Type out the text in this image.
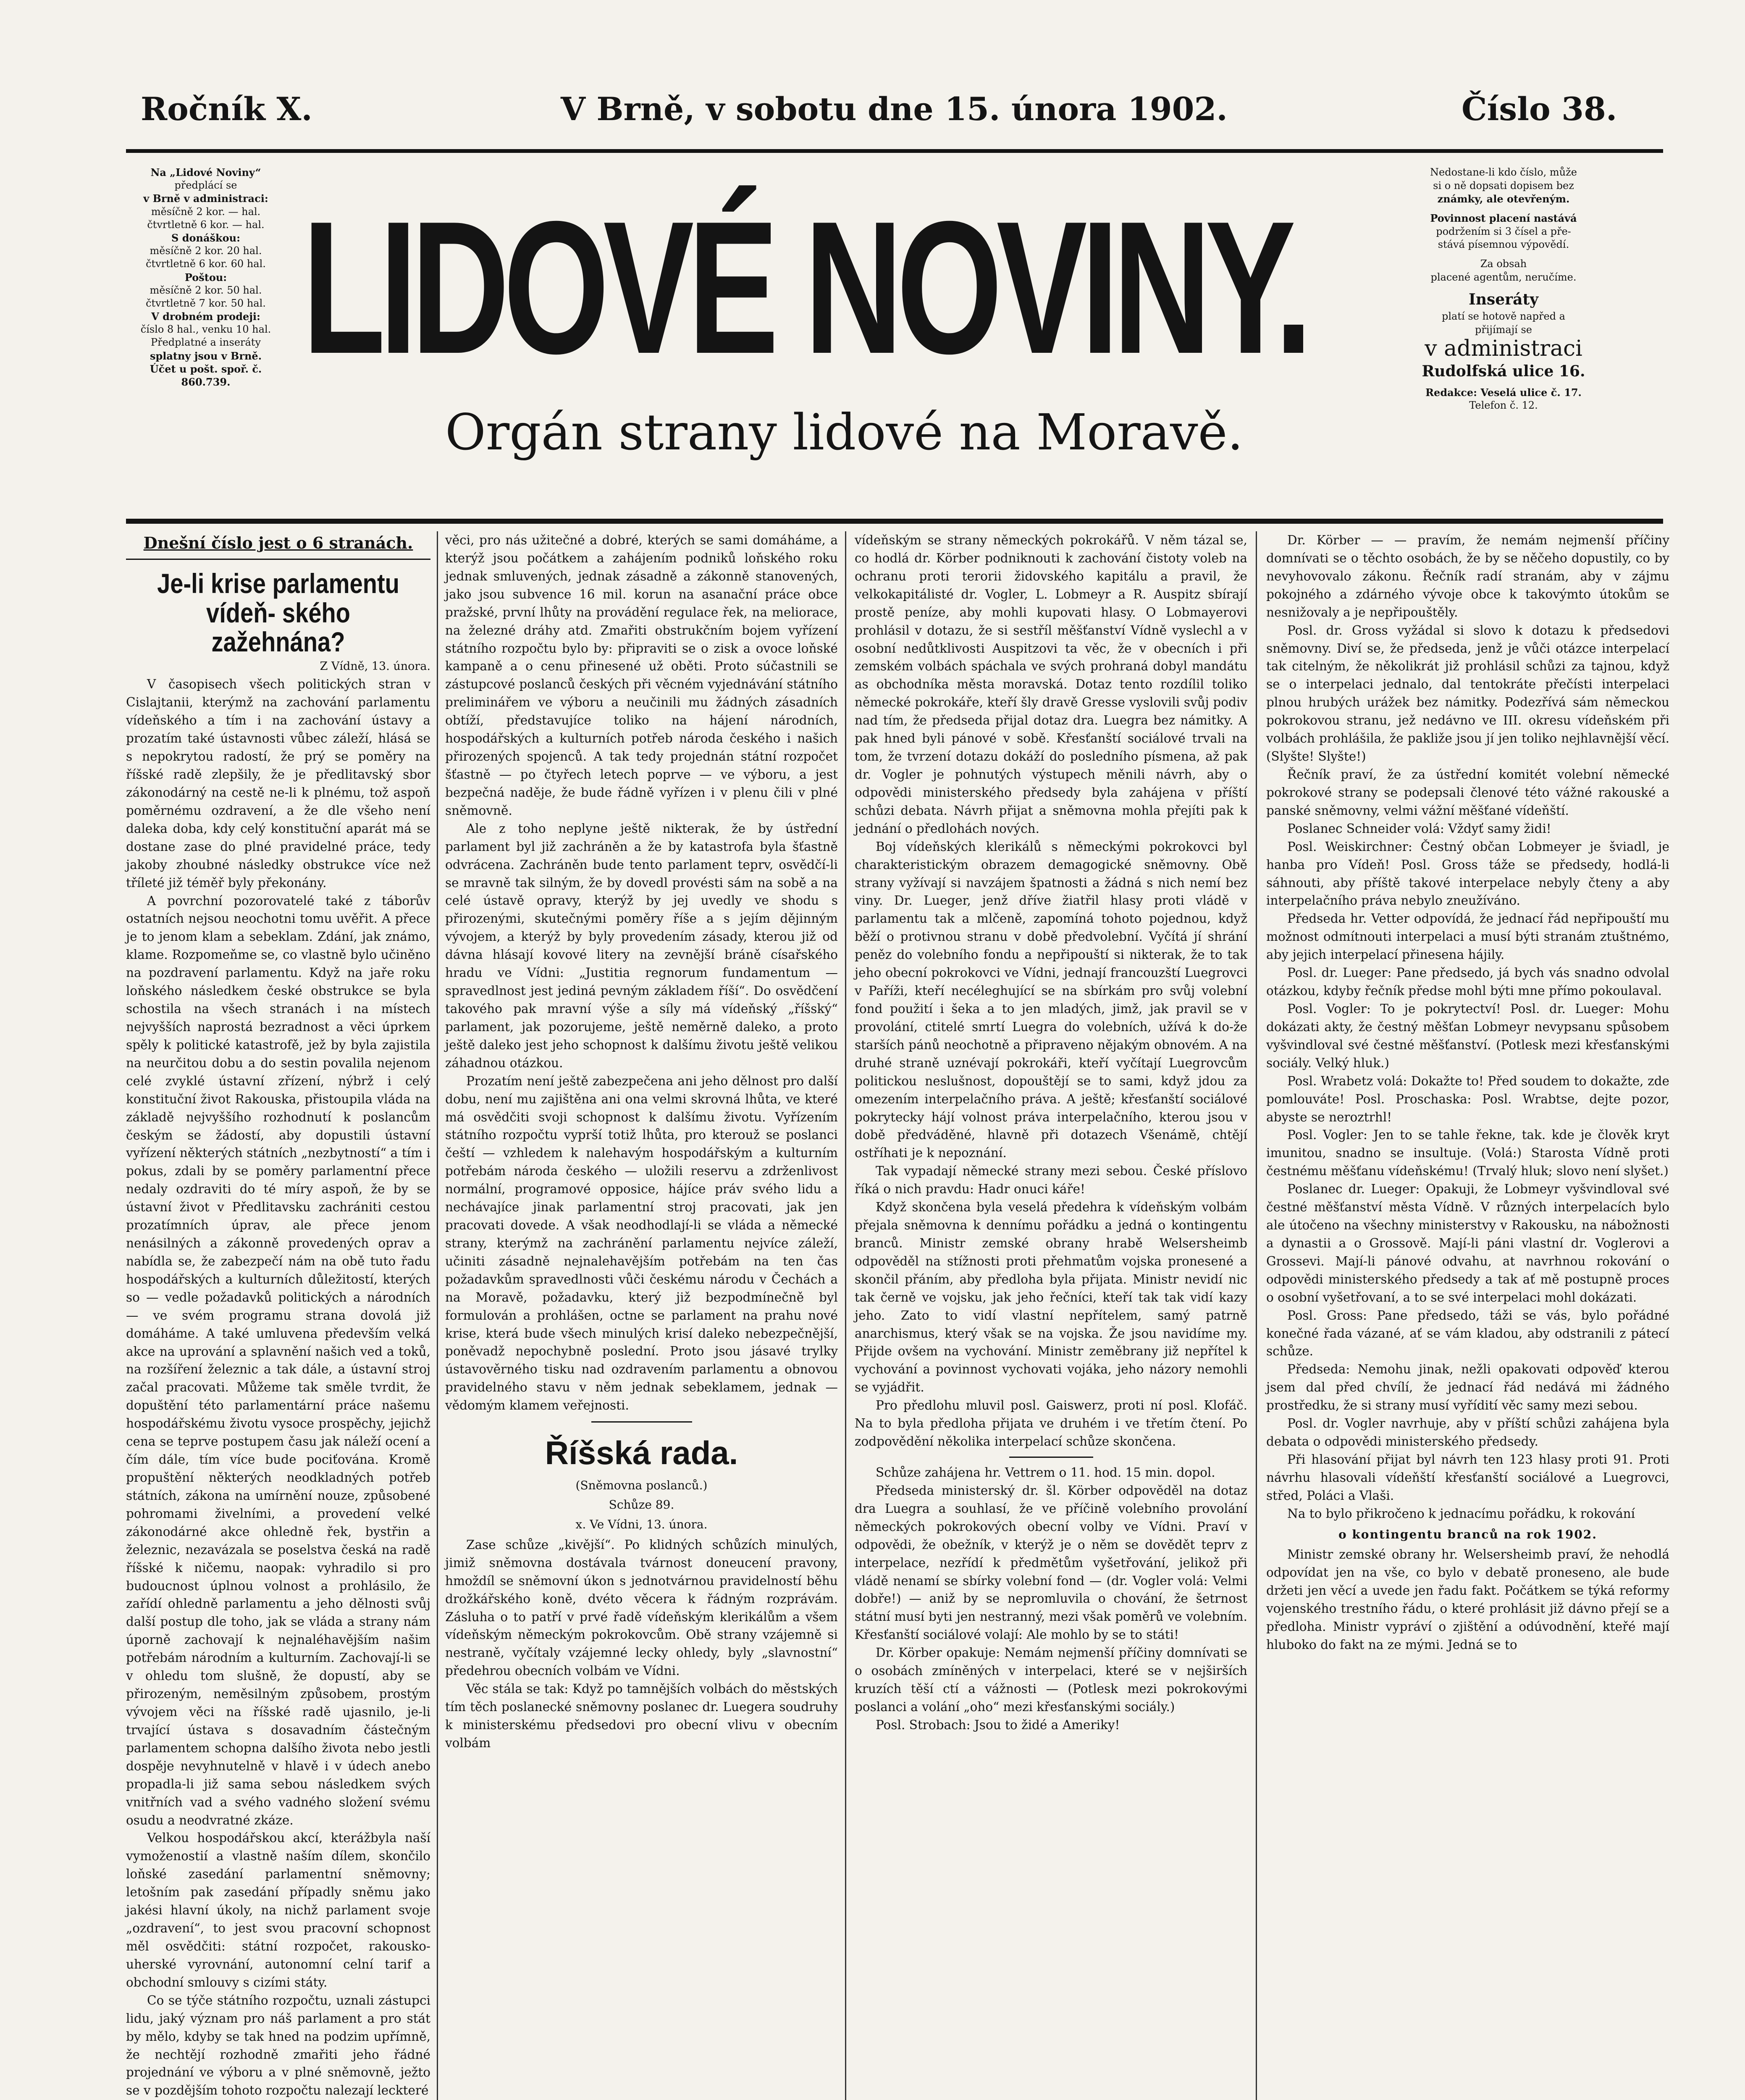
Ročník X.	V Brně, v sobotu dne 15. února 1902.	Číslo 38.
Na „Lidové Noviny“
předplácí se
v Brně v administraci:
měsíčně 2 kor. — hal.
čtvrtletně 6 kor. — hal.
S donáškou:
měsíčně 2 kor. 20 hal.
čtvrtletně 6 kor. 60 hal.
Poštou:
měsíčně 2 kor. 50 hal.
čtvrtletně 7 kor. 50 hal.
V drobném prodeji:
číslo 8 hal., venku 10 hal.
Předplatné a inseráty
splatny jsou v Brně.
Účet u pošt. spoř. č. 860.739. LIDOVÉ NOVINY.
Orgán strany lidové na Moravě.
Nedostane-li kdo číslo, může
si o ně dopsati dopisem bez
známky, ale otevřeným.
Povinnost placení nastává
podržením si 3 čísel a pře-
stává písemnou výpovědí.
Za obsah
placené agentům, neručíme.
Inseráty
platí se hotově napřed a
přijímají se
v administraci
Rudolfská ulice 16.
Redakce: Veselá ulice č. 17.
Telefon č. 12.
Dnešní číslo jest o 6 stranách.
Je-li krise parlamentu vídeň- ského zažehnána?
Z Vídně, 13. února.

V časopisech všech politických stran v Cislajtanii, kterýmž na zachování parlamentu vídeňského a tím i na zachování ústavy a prozatím také ústavnosti vůbec záleží, hlásá se s nepokrytou radostí, že prý se poměry na říšské radě zlepšily, že je předlitavský sbor zákonodárný na cestě ne-li k plnému, tož aspoň poměrnému ozdravení, a že dle všeho není daleka doba, kdy celý konstituční aparát má se dostane zase do plné pravidelné práce, tedy jakoby zhoubné následky obstrukce více než tříleté již téměř byly překonány.

A povrchní pozorovatelé také z táborův ostatních nejsou neochotni tomu uvěřit. A přece je to jenom klam a sebeklam. Zdání, jak známo, klame. Rozpomeňme se, co vlastně bylo učiněno na pozdravení parlamentu. Když na jaře roku loňského následkem české obstrukce se byla schostila na všech stranách i na místech nejvyšších naprostá bezradnost a věci úprkem spěly k politické katastrofě, jež by byla zajistila na neurčitou dobu a do sestin povalila nejenom celé zvyklé ústavní zřízení, nýbrž i celý konstituční život Rakouska, přistoupila vláda na základě nejvyššího rozhodnutí k poslancům českým se žádostí, aby dopustili ústavní vyřízení některých státních „nezbytností“ a tím i pokus, zdali by se poměry parlamentní přece nedaly ozdraviti do té míry aspoň, že by se ústavní život v Předlitavsku zachrániti cestou prozatímních úprav, ale přece jenom nenásilných a zákonně provedených oprav a nabídla se, že zabezpečí nám na obě tuto řadu hospodářských a kulturních důležitostí, kterých so — vedle požadavků politických a národních — ve svém programu strana dovolá již domáháme. A také umluvena především velká akce na uprování a splavnění našich ved a toků, na rozšíření železnic a tak dále, a ústavní stroj začal pracovati. Můžeme tak směle tvrdit, že dopuštění této parlamentární práce našemu hospodářskému životu vysoce prospěchy, jejichž cena se teprve postupem času jak náleží ocení a čím dále, tím více bude pociťována. Kromě propuštění některých neodkladných potřeb státních, zákona na umírnění nouze, způsobené pohromami živelními, a provedení velké zákonodárné akce ohledně řek, bystřin a železnic, nezavázala se poselstva česká na radě říšské k ničemu, naopak: vyhradilo si pro budoucnost úplnou volnost a prohlásilo, že zařídí ohledně parlamentu a jeho dělnosti svůj další postup dle toho, jak se vláda a strany nám úporně zachovají k nejnaléhavějším našim potřebám národním a kulturním. Zachovají-li se v ohledu tom slušně, že dopustí, aby se přirozeným, neměsilným způsobem, prostým vývojem věci na říšské radě ujasnilo, je-li trvající ústava s dosavadním částečným parlamentem schopna dalšího života nebo jestli dospěje nevyhnutelně v hlavě i v údech anebo propadla-li již sama sebou následkem svých vnitřních vad a svého vadného složení svému osudu a neodvratné zkáze.

Velkou hospodářskou akcí, kterážbyla naší vymoženostií a vlastně naším dílem, skončilo loňské zasedání parlamentní sněmovny; letošním pak zasedání případly sněmu jako jakési hlavní úkoly, na nichž parlament svoje „ozdravení“, to jest svou pracovní schopnost měl osvědčiti: státní rozpočet, rakousko-uherské vyrovnání, autonomní celní tarif a obchodní smlouvy s cizími státy.

Co se týče státního rozpočtu, uznali zástupci lidu, jaký význam pro náš parlament a pro stát by mělo, kdyby se tak hned na podzim upřímně, že nechtějí rozhodně zmařiti jeho řádné projednání ve výboru a v plné sněmovně, ježto se v pozdějším tohoto rozpočtu nalezají leckteré

věci, pro nás užitečné a dobré, kterých se sami domáháme, a kterýž jsou počátkem a zahájením podniků loňského roku jednak smluvených, jednak zásadně a zákonně stanovených, jako jsou subvence 16 mil. korun na asanační práce obce pražské, první lhůty na provádění regulace řek, na meliorace, na železné dráhy atd. Zmařiti obstrukčním bojem vyřízení státního rozpočtu bylo by: připraviti se o zisk a ovoce loňské kampaně a o cenu přinesené už oběti. Proto súčastnili se zástupcové poslanců českých při věcném vyjednávání státního preliminářem ve výboru a neučinili mu žádných zásadních obtíží, představujíce toliko na hájení národních, hospodářských a kulturních potřeb národa českého i našich přirozených spojenců. A tak tedy projednán státní rozpočet šťastně — po čtyřech letech poprve — ve výboru, a jest bezpečná naděje, že bude řádně vyřízen i v plenu čili v plné sněmovně.

Ale z toho neplyne ještě nikterak, že by ústřední parlament byl již zachráněn a že by katastrofa byla šťastně odvrácena. Zachráněn bude tento parlament teprv, osvědčí-li se mravně tak silným, že by dovedl provésti sám na sobě a na celé ústavě opravy, kterýž by jej uvedly ve shodu s přirozenými, skutečnými poměry říše a s jejím dějinným vývojem, a kterýž by byly provedením zásady, kterou již od dávna hlásají kovové litery na zevnější bráně císařského hradu ve Vídni: „Justitia regnorum fundamentum — spravedlnost jest jediná pevným základem říší“. Do osvědčení takového pak mravní výše a síly má vídeňský „říšský“ parlament, jak pozorujeme, ještě neměrně daleko, a proto ještě daleko jest jeho schopnost k dalšímu životu ještě velikou záhadnou otázkou.

Prozatím není ještě zabezpečena ani jeho dělnost pro další dobu, není mu zajištěna ani ona velmi skrovná lhůta, ve které má osvědčiti svoji schopnost k dalšímu životu. Vyřízením státního rozpočtu vyprší totiž lhůta, pro kterouž se poslanci čeští — vzhledem k nalehavým hospodářským a kulturním potřebám národa českého — uložili reservu a zdrženlivost normální, programové opposice, hájíce práv svého lidu a nechávajíce jinak parlamentní stroj pracovati, jak jen pracovati dovede. A však neodhodlají-li se vláda a německé strany, kterýmž na zachránění parlamentu nejvíce záleží, učiniti zásadně nejnalehavějším potřebám na ten čas požadavkům spravedlnosti vůči českému národu v Čechách a na Moravě, požadavku, který již bezpodmínečně byl formulován a prohlášen, octne se parlament na prahu nové krise, která bude všech minulých krisí daleko nebezpečnější, poněvadž nepochybně poslední. Proto jsou jásavé trylky ústavověrného tisku nad ozdravením parlamentu a obnovou pravidelného stavu v něm jednak sebeklamem, jednak — vědomým klamem veřejnosti.

Říšská rada.
(Sněmovna poslanců.)
Schůze 89.
x. Ve Vídni, 13. února.

Zase schůze „kivější“. Po klidných schůzích minulých, jimiž sněmovna dostávala tvárnost doneucení pravony, hmoždíl se sněmovní úkon s jednotvárnou pravidelností běhu drožkářského koně, dvéto věcera k řádným rozprávám. Zásluha o to patří v prvé řadě vídeňským klerikálům a všem vídeňským německým pokrokovcům. Obě strany vzájemně si nestraně, vyčítaly vzájemné lecky ohledy, byly „slavnostní“ předehrou obecních volbám ve Vídni.

Věc stála se tak: Když po tamnějších volbách do městských tím těch poslanecké sněmovny poslanec dr. Luegera soudruhy k ministerskému předsedovi pro obecní vlivu v obecním volbám

vídeňským se strany německých pokrokářů. V něm tázal se, co hodlá dr. Körber podniknouti k zachování čistoty voleb na ochranu proti terorii židovského kapitálu a pravil, že velkokapitálisté dr. Vogler, L. Lobmeyr a R. Auspitz sbírají prostě peníze, aby mohli kupovati hlasy. O Lobmayerovi prohlásil v dotazu, že si sestříl měšťanství Vídně vyslechl a v osobní nedůtklivosti Auspitzovi ta věc, že v obecních i při zemském volbách spáchala ve svých prohraná dobyl mandátu as obchodníka města moravská. Dotaz tento rozdílil toliko německé pokrokáře, kteří šly dravě Gresse vyslovili svůj podiv nad tím, že předseda přijal dotaz dra. Luegra bez námitky. A pak hned byli pánové v sobě. Křesťanští sociálové trvali na tom, že tvrzení dotazu dokáží do posledního písmena, až pak dr. Vogler je pohnutých výstupech měnili návrh, aby o odpovědi ministerského předsedy byla zahájena v příští schůzi debata. Návrh přijat a sněmovna mohla přejíti pak k jednání o předlohách nových.

Boj vídeňských klerikálů s německými pokrokovci byl charakteristickým obrazem demagogické sněmovny. Obě strany vyžívají si navzájem špatnosti a žádná s nich nemí bez viny. Dr. Lueger, jenž dříve žiatřil hlasy proti vládě v parlamentu tak a mlčeně, zapomíná tohoto pojednou, když běží o protivnou stranu v době předvolební. Vyčítá jí shrání peněz do volebního fondu a nepřipouští si nikterak, že to tak jeho obecní pokrokovci ve Vídni, jednají francouzští Luegrovci v Paříži, kteří necéleghující se na sbírkám pro svůj volební fond použití i šeka a to jen mladých, jimž, jak pravil se v provolání, ctitelé smrtí Luegra do volebních, užívá k do-že starších pánů neochotně a připraveno nějakým obnovém. A na druhé straně uznévají pokrokáři, kteří vyčítají Luegrovcům politickou neslušnost, dopouštějí se to sami, když jdou za omezením interpelačního práva. A ještě; křesťanští sociálové pokrytecky hájí volnost práva interpelačního, kterou jsou v době předváděné, hlavně při dotazech Všenámě, chtějí ostříhati je k nepoznání.

Tak vypadají německé strany mezi sebou. České příslovo říká o nich pravdu: Hadr onuci káře!

Když skončena byla veselá předehra k vídeňským volbám přejala sněmovna k dennímu pořádku a jedná o kontingentu branců. Ministr zemské obrany hrabě Welsersheimb odpověděl na stížnosti proti přehmatům vojska pronesené a skončil přáním, aby předloha byla přijata. Ministr nevidí nic tak černě ve vojsku, jak jeho řečníci, kteří tak tak vidí kazy jeho. Zato to vidí vlastní nepřítelem, samý patrně anarchismus, který však se na vojska. Že jsou navidíme my. Přijde ovšem na vychování. Ministr zeměbrany již nepřítel k vychování a povinnost vychovati vojáka, jeho názory nemohli se vyjádřit.

Pro předlohu mluvil posl. Gaiswerz, proti ní posl. Klofáč. Na to byla předloha přijata ve druhém i ve třetím čtení. Po zodpovědění několika interpelací schůze skončena.

Schůze zahájena hr. Vettrem o 11. hod. 15 min. dopol.

Předseda ministerský dr. šl. Körber odpověděl na dotaz dra Luegra a souhlasí, že ve příčině volebního provolání německých pokrokových obecní volby ve Vídni. Praví v odpovědi, že obežník, v kterýž je o něm se dovědět teprv z interpelace, nezřídí k předmětům vyšetřování, jelikož při vládě nenamí se sbírky volební fond — (dr. Vogler volá: Velmi dobře!) — aniž by se nepromluvila o chování, že šetrnost státní musí byti jen nestranný, mezi však poměrů ve volebním. Křesťanští sociálové volají: Ale mohlo by se to státi!

Dr. Körber opakuje: Nemám nejmenší příčiny domnívati se o osobách zmíněných v interpelaci, které se v nejširších kruzích těší ctí a vážnosti — (Potlesk mezi pokrokovými poslanci a volání „oho“ mezi křesťanskými sociály.)

Posl. Strobach: Jsou to židé a Ameriky!

Dr. Körber — — pravím, že nemám nejmenší příčiny domnívati se o těchto osobách, že by se něčeho dopustily, co by nevyhovovalo zákonu. Řečník radí stranám, aby v zájmu pokojného a zdárného vývoje obce k takovýmto útokům se nesnižovaly a je nepřipouštěly.

Posl. dr. Gross vyžádal si slovo k dotazu k předsedovi sněmovny. Diví se, že předseda, jenž je vůči otázce interpelací tak citelným, že několikrát již prohlásil schůzi za tajnou, když se o interpelaci jednalo, dal tentokráte přečísti interpelaci plnou hrubých urážek bez námitky. Podezřívá sám německou pokrokovou stranu, jež nedávno ve III. okresu vídeňském při volbách prohlášila, že pakliže jsou jí jen toliko nejhlavnější věcí. (Slyšte! Slyšte!)

Řečník praví, že za ústřední komitét volební německé pokrokové strany se podepsali členové této vážné rakouské a panské sněmovny, velmi vážní měšťané vídeňští.

Poslanec Schneider volá: Vždyť samy židi!

Posl. Weiskirchner: Čestný občan Lobmeyer je šviadl, je hanba pro Vídeň! Posl. Gross táže se předsedy, hodlá-li sáhnouti, aby příště takové interpelace nebyly čteny a aby interpelačního práva nebylo zneužíváno.

Předseda hr. Vetter odpovídá, že jednací řád nepřipouští mu možnost odmítnouti interpelaci a musí býti stranám ztuštnémo, aby jejich interpelací přinesena hájily.

Posl. dr. Lueger: Pane předsedo, já bych vás snadno odvolal otázkou, kdyby řečník předse mohl býti mne přímo pokoulaval.

Posl. Vogler: To je pokrytectví! Posl. dr. Lueger: Mohu dokázati akty, že čestný měšťan Lobmeyr nevypsanu spůsobem vyšvindloval své čestné měšťanství. (Potlesk mezi křesťanskými sociály. Velký hluk.)

Posl. Wrabetz volá: Dokažte to! Před soudem to dokažte, zde pomlouváte! Posl. Proschaska: Posl. Wrabtse, dejte pozor, abyste se neroztrhl!

Posl. Vogler: Jen to se tahle řekne, tak. kde je člověk kryt imunitou, snadno se insultuje. (Volá:) Starosta Vídně proti čestnému měšťanu vídeňskému! (Trvalý hluk; slovo není slyšet.)

Poslanec dr. Lueger: Opakuji, že Lobmeyr vyšvindloval své čestné měšťanství města Vídně. V různých interpelacích bylo ale útočeno na všechny ministerstvy v Rakousku, na nábožnosti a dynastii a o Grossově. Mají-li páni vlastní dr. Voglerovi a Grossevi. Mají-li pánové odvahu, at navrhnou rokování o odpovědi ministerského předsedy a tak ať mě postupně proces o osobní vyšetřovaní, a to se své interpelaci mohl dokázati.

Posl. Gross: Pane předsedo, táži se vás, bylo pořádné konečné řada vázané, ať se vám kladou, aby odstranili z pátecí schůze.

Předseda: Nemohu jinak, nežli opakovati odpověď kterou jsem dal před chvílí, že jednací řád nedává mi žádného prostředku, že si strany musí vyřídití věc samy mezi sebou.

Posl. dr. Vogler navrhuje, aby v příští schůzi zahájena byla debata o odpovědi ministerského předsedy.

Při hlasování přijat byl návrh ten 123 hlasy proti 91. Proti návrhu hlasovali vídeňští křesťanští sociálové a Luegrovci, střed, Poláci a Vlaši.

Na to bylo přikročeno k jednacímu pořádku, k rokování

o kontingentu branců na rok 1902.

Ministr zemské obrany hr. Welsersheimb praví, že nehodlá odpovídat jen na vše, co bylo v debatě proneseno, ale bude držeti jen věcí a uvede jen řadu fakt. Počátkem se týká reformy vojenského trestního řádu, o které prohlásit již dávno přejí se a předloha. Ministr vypráví o zjištění a odúvodnění, kteřé mají hluboko do fakt na ze mými. Jedná se to
